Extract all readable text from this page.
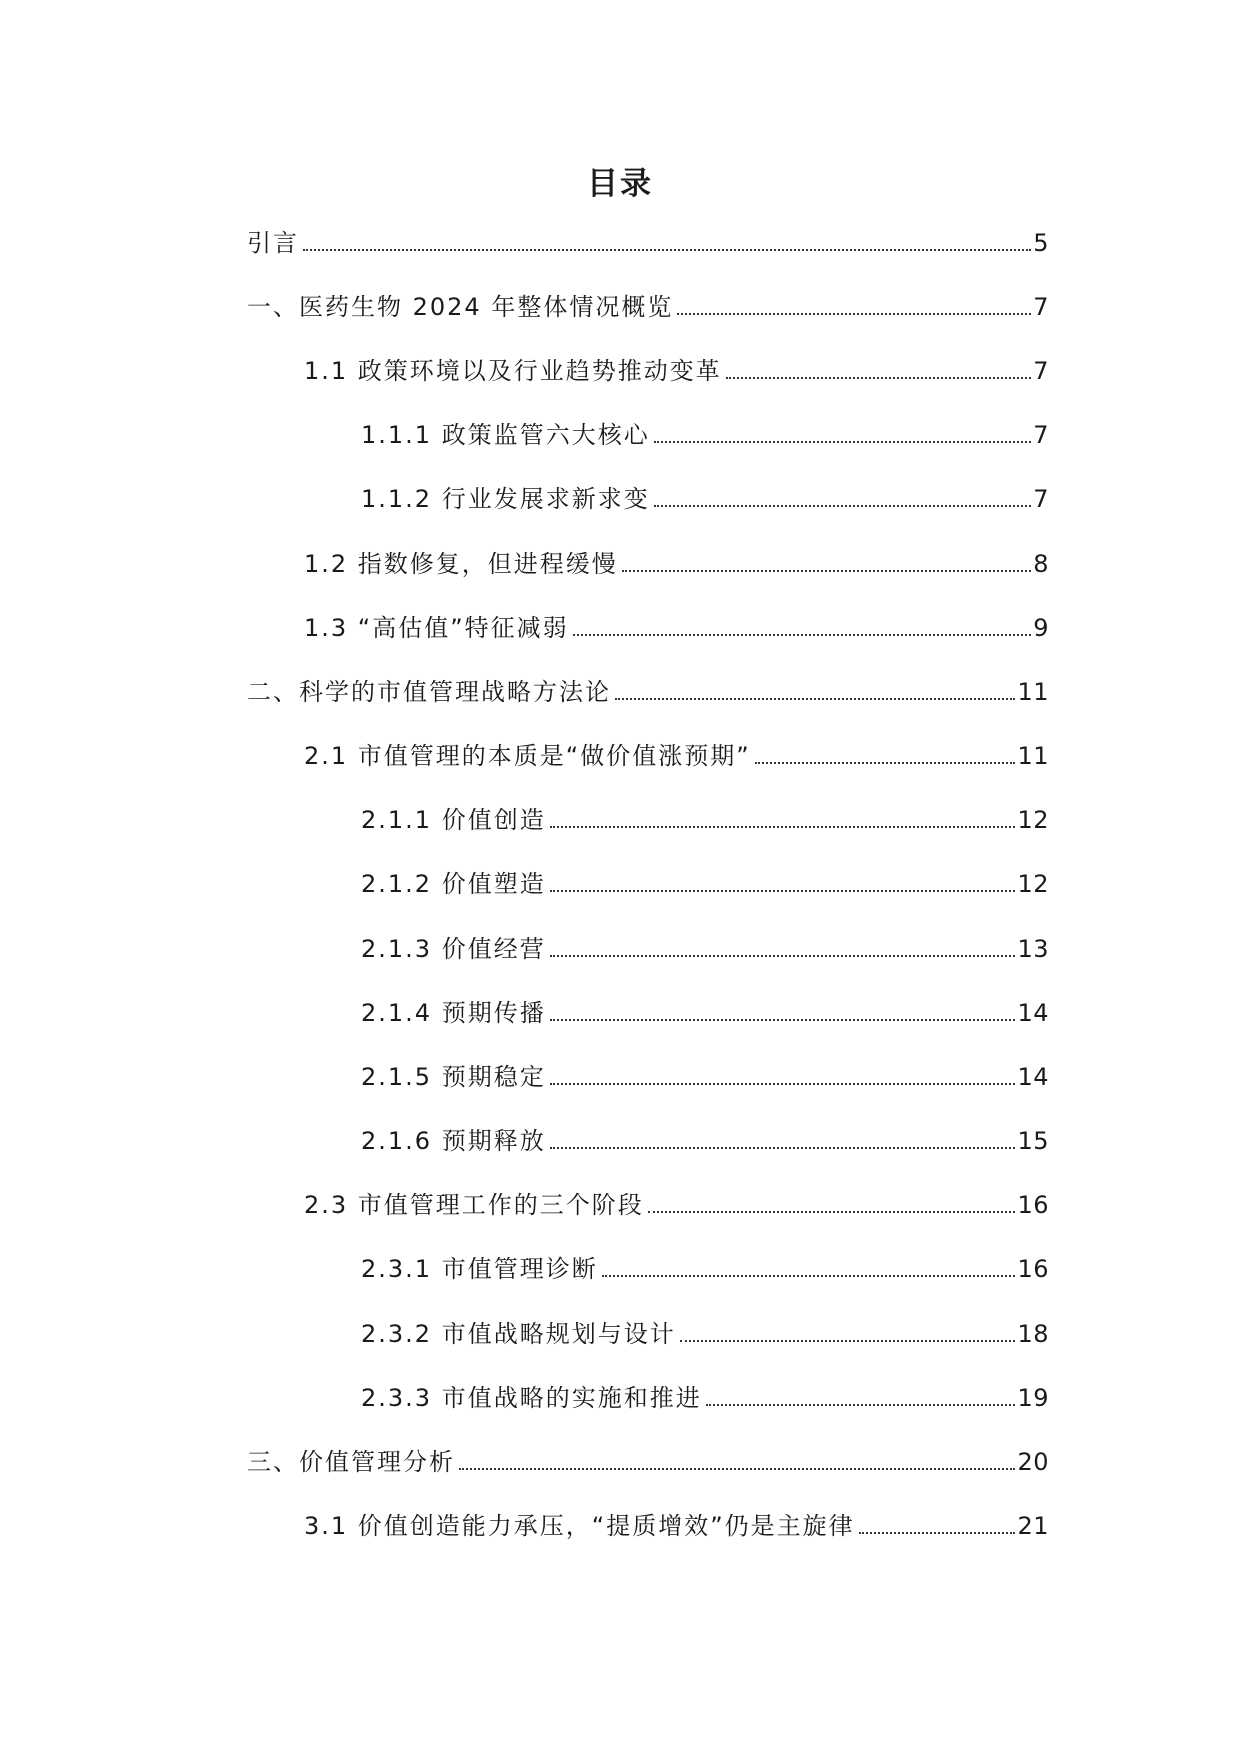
目录
引言	5
一、医药生物 2024 年整体情况概览	7
1.1 政策环境以及行业趋势推动变革	7
1.1.1 政策监管六大核心	7
1.1.2 行业发展求新求变	7
1.2 指数修复，但进程缓慢	8
1.3 “高估值”特征减弱	9
二、科学的市值管理战略方法论	11
2.1 市值管理的本质是“做价值涨预期”	11
2.1.1 价值创造	12
2.1.2 价值塑造	12
2.1.3 价值经营	13
2.1.4 预期传播	14
2.1.5 预期稳定	14
2.1.6 预期释放	15
2.3 市值管理工作的三个阶段	16
2.3.1 市值管理诊断	16
2.3.2 市值战略规划与设计	18
2.3.3 市值战略的实施和推进	19
三、价值管理分析	20
3.1 价值创造能力承压，“提质增效”仍是主旋律	21
